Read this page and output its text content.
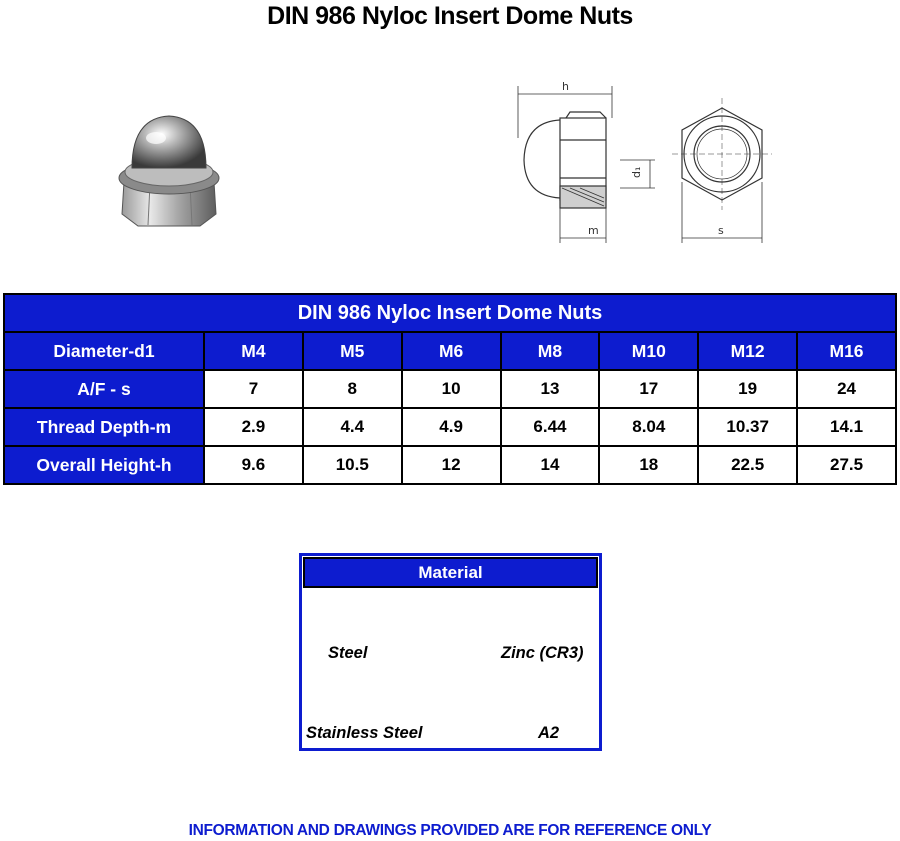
DIN 986 Nyloc Insert Dome Nuts
h
d₁
m	s
DIN 986 Nyloc Insert Dome Nuts							
Diameter-d1	M4	M5	M6	M8	M10	M12	M16
A/F - s	7	8	10	13	17	19	24
Thread Depth-m	2.9	4.4	4.9	6.44	8.04	10.37	14.1
Overall Height-h	9.6	10.5	12	14	18	22.5	27.5
Material
Steel	Zinc (CR3)
Stainless Steel	A2
INFORMATION AND DRAWINGS PROVIDED ARE FOR REFERENCE ONLY
